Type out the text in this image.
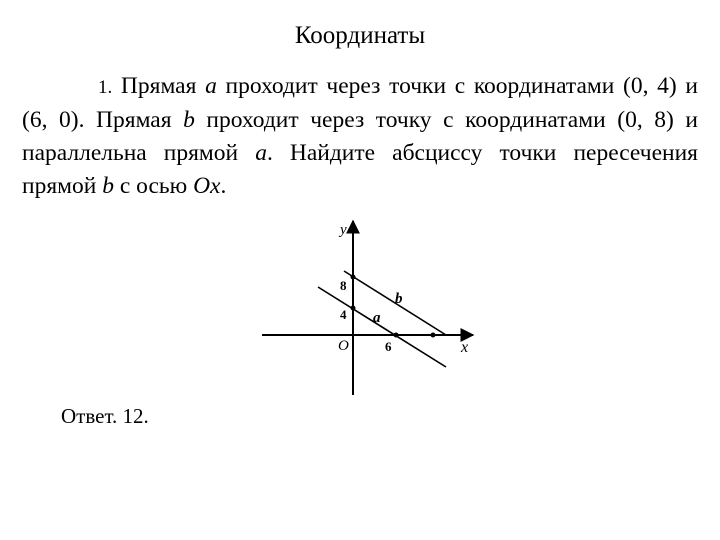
Координаты

1. Прямая a проходит через точки с координатами (0, 4) и (6, 0). Прямая b проходит через точку с координатами (0, 8) и параллельна прямой a. Найдите абсциссу точки пересечения прямой b с осью Ox.

y
x
O
8
4
6
a
b
Ответ. 12.
